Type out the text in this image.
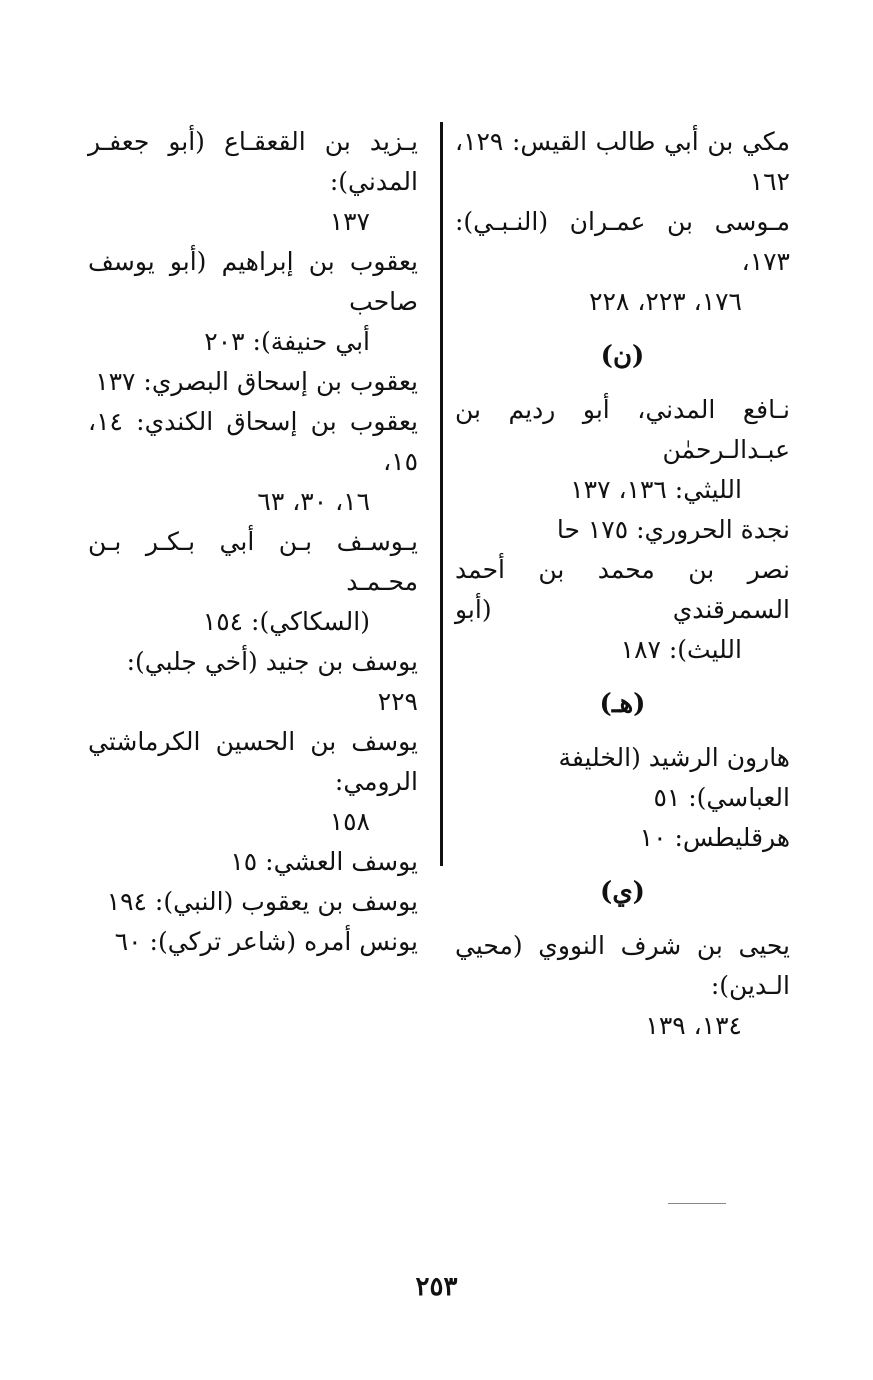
مكي بن أبي طالب القيس: ١٢٩، ١٦٢
مـوسى بن عمـران (النـبـي): ١٧٣،
١٧٦، ٢٢٣، ٢٢٨
(ن)
نـافع المدني، أبو رديم بن عبـدالـرحمٰن
الليثي: ١٣٦، ١٣٧
نجدة الحروري: ١٧٥ حا
نصر بن محمد بن أحمد السمرقندي (أبو
الليث): ١٨٧
(هـ)
هارون الرشيد (الخليفة العباسي): ٥١
هرقليطس: ١٠
(ي)
يحيى بن شرف النووي (محيي الـدين):
١٣٤، ١٣٩
يـزيد بن القعقـاع (أبو جعفـر المدني):
١٣٧
يعقوب بن إبراهيم (أبو يوسف صاحب
أبي حنيفة): ٢٠٣
يعقوب بن إسحاق البصري: ١٣٧
يعقوب بن إسحاق الكندي: ١٤، ١٥،
١٦، ٣٠، ٦٣
يـوسـف بـن أبي بـكـر بـن محـمـد
(السكاكي): ١٥٤
يوسف بن جنيد (أخي جلبي): ٢٢٩
يوسف بن الحسين الكرماشتي الرومي:
١٥٨
يوسف العشي: ١٥
يوسف بن يعقوب (النبي): ١٩٤
يونس أمره (شاعر تركي): ٦٠
٢٥٣
